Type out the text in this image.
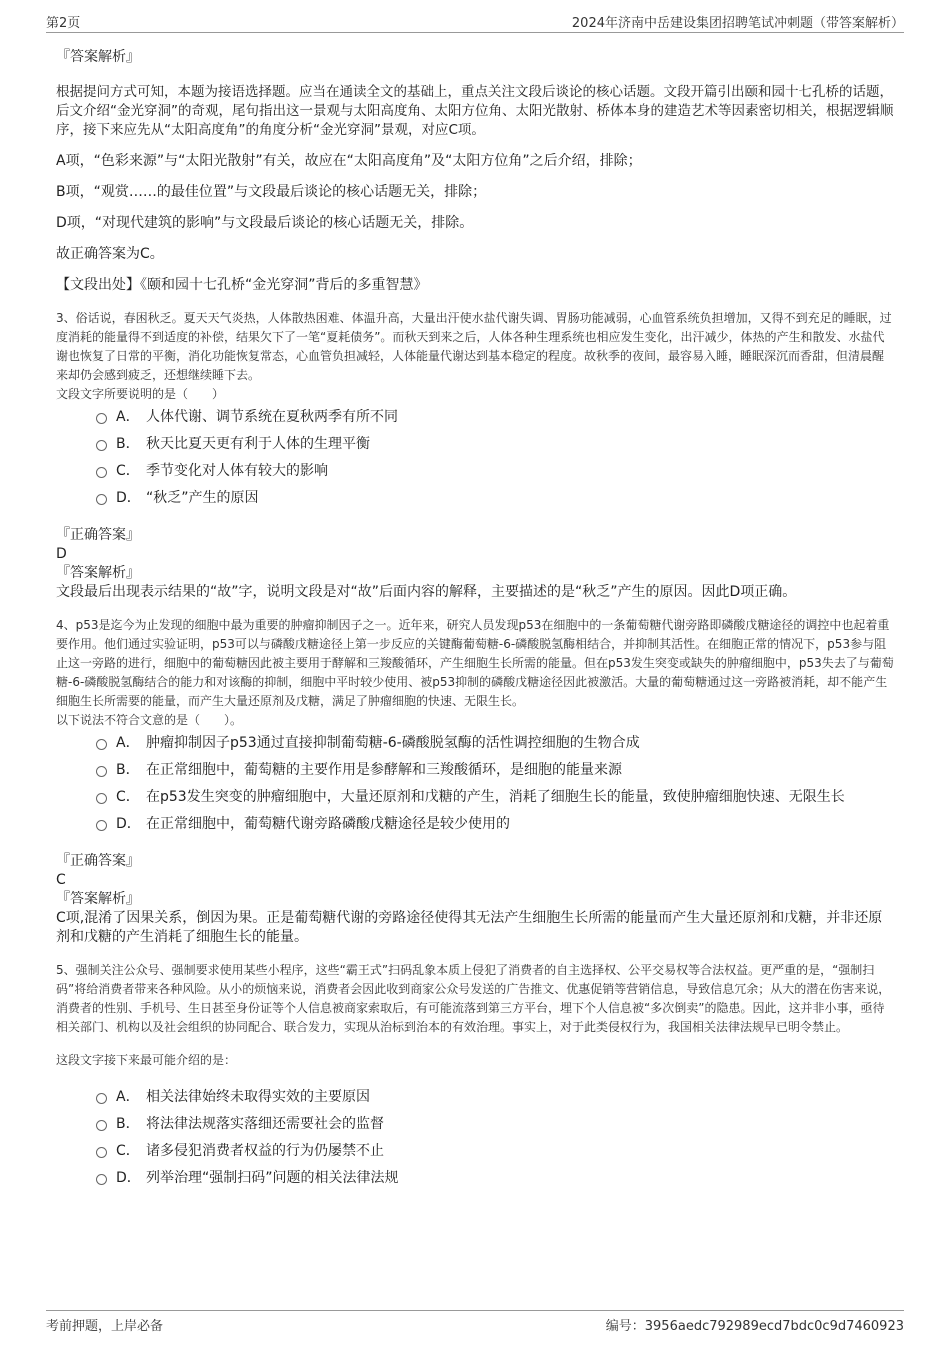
第2页	2024年济南中岳建设集团招聘笔试冲刺题（带答案解析）

『答案解析』

根据提问方式可知，本题为接语选择题。应当在通读全文的基础上，重点关注文段后谈论的核心话题。文段开篇引出颐和园十七孔桥的话题，后文介绍“金光穿洞”的奇观，尾句指出这一景观与太阳高度角、太阳方位角、太阳光散射、桥体本身的建造艺术等因素密切相关，根据逻辑顺序，接下来应先从“太阳高度角”的角度分析“金光穿洞”景观，对应C项。

A项，“色彩来源”与“太阳光散射”有关，故应在“太阳高度角”及“太阳方位角”之后介绍，排除；

B项，“观赏……的最佳位置”与文段最后谈论的核心话题无关，排除；

D项，“对现代建筑的影响”与文段最后谈论的核心话题无关，排除。

故正确答案为C。

【文段出处】《颐和园十七孔桥“金光穿洞”背后的多重智慧》

3、俗话说，春困秋乏。夏天天气炎热，人体散热困难、体温升高，大量出汗使水盐代谢失调、胃肠功能减弱，心血管系统负担增加，又得不到充足的睡眠，过度消耗的能量得不到适度的补偿，结果欠下了一笔“夏耗债务”。而秋天到来之后，人体各种生理系统也相应发生变化，出汗减少，体热的产生和散发、水盐代谢也恢复了日常的平衡，消化功能恢复常态，心血管负担减轻，人体能量代谢达到基本稳定的程度。故秋季的夜间，最容易入睡，睡眠深沉而香甜，但清晨醒来却仍会感到疲乏，还想继续睡下去。

文段文字所要说明的是（　　）

A． 人体代谢、调节系统在夏秋两季有所不同
B． 秋天比夏天更有利于人体的生理平衡
C． 季节变化对人体有较大的影响
D． “秋乏”产生的原因

『正确答案』

D

『答案解析』

文段最后出现表示结果的“故”字，说明文段是对“故”后面内容的解释，主要描述的是“秋乏”产生的原因。因此D项正确。

4、p53是迄今为止发现的细胞中最为重要的肿瘤抑制因子之一。近年来，研究人员发现p53在细胞中的一条葡萄糖代谢旁路即磷酸戊糖途径的调控中也起着重要作用。他们通过实验证明，p53可以与磷酸戊糖途径上第一步反应的关键酶葡萄糖-6-磷酸脱氢酶相结合，并抑制其活性。在细胞正常的情况下，p53参与阻止这一旁路的进行，细胞中的葡萄糖因此被主要用于酵解和三羧酸循环，产生细胞生长所需的能量。但在p53发生突变或缺失的肿瘤细胞中，p53失去了与葡萄糖-6-磷酸脱氢酶结合的能力和对该酶的抑制，细胞中平时较少使用、被p53抑制的磷酸戊糖途径因此被激活。大量的葡萄糖通过这一旁路被消耗，却不能产生细胞生长所需要的能量，而产生大量还原剂及戊糖，满足了肿瘤细胞的快速、无限生长。

以下说法不符合文意的是（　　）。

A． 肿瘤抑制因子p53通过直接抑制葡萄糖-6-磷酸脱氢酶的活性调控细胞的生物合成
B． 在正常细胞中，葡萄糖的主要作用是参酵解和三羧酸循环，是细胞的能量来源
C． 在p53发生突变的肿瘤细胞中，大量还原剂和戊糖的产生，消耗了细胞生长的能量，致使肿瘤细胞快速、无限生长
D． 在正常细胞中，葡萄糖代谢旁路磷酸戊糖途径是较少使用的

『正确答案』

C

『答案解析』

C项,混淆了因果关系，倒因为果。正是葡萄糖代谢的旁路途径使得其无法产生细胞生长所需的能量而产生大量还原剂和戊糖，并非还原剂和戊糖的产生消耗了细胞生长的能量。

5、强制关注公众号、强制要求使用某些小程序，这些“霸王式”扫码乱象本质上侵犯了消费者的自主选择权、公平交易权等合法权益。更严重的是，“强制扫码”将给消费者带来各种风险。从小的烦恼来说，消费者会因此收到商家公众号发送的广告推文、优惠促销等营销信息，导致信息冗余；从大的潜在伤害来说，消费者的性别、手机号、生日甚至身份证等个人信息被商家索取后，有可能流落到第三方平台，埋下个人信息被“多次倒卖”的隐患。因此，这并非小事，亟待相关部门、机构以及社会组织的协同配合、联合发力，实现从治标到治本的有效治理。事实上，对于此类侵权行为，我国相关法律法规早已明令禁止。

这段文字接下来最可能介绍的是：

A． 相关法律始终未取得实效的主要原因
B． 将法律法规落实落细还需要社会的监督
C． 诸多侵犯消费者权益的行为仍屡禁不止
D． 列举治理“强制扫码”问题的相关法律法规
考前押题，上岸必备	编号：3956aedc792989ecd7bdc0c9d7460923
